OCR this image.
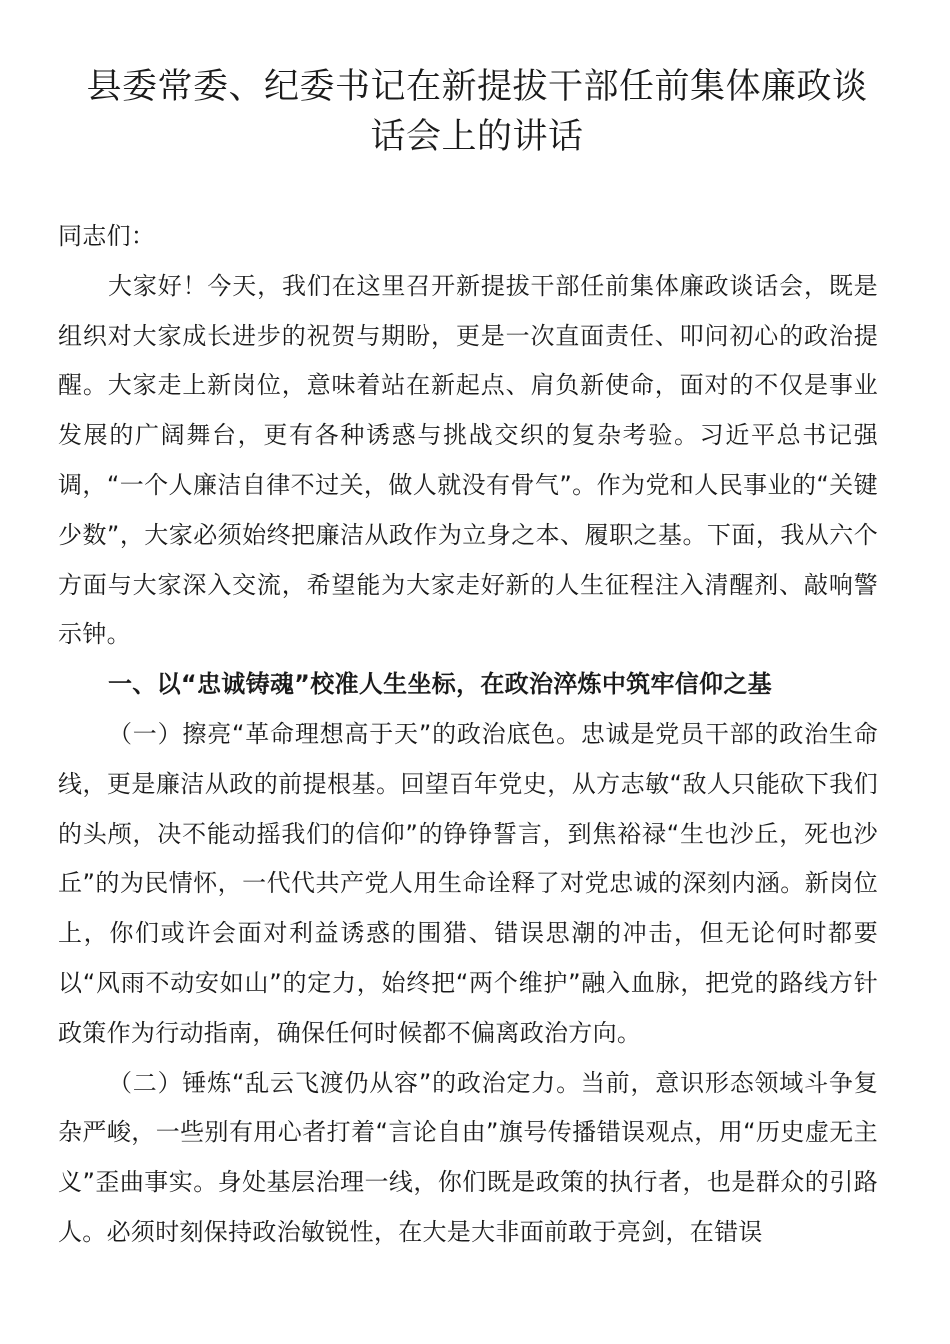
县委常委、纪委书记在新提拔干部任前集体廉政谈话会上的讲话

同志们：

大家好！今天，我们在这里召开新提拔干部任前集体廉政谈话会，既是组织对大家成长进步的祝贺与期盼，更是一次直面责任、叩问初心的政治提醒。大家走上新岗位，意味着站在新起点、肩负新使命，面对的不仅是事业发展的广阔舞台，更有各种诱惑与挑战交织的复杂考验。习近平总书记强调，“一个人廉洁自律不过关，做人就没有骨气”。作为党和人民事业的“关键少数”，大家必须始终把廉洁从政作为立身之本、履职之基。下面，我从六个方面与大家深入交流，希望能为大家走好新的人生征程注入清醒剂、敲响警示钟。

一、以“忠诚铸魂”校准人生坐标，在政治淬炼中筑牢信仰之基

（一）擦亮“革命理想高于天”的政治底色。忠诚是党员干部的政治生命线，更是廉洁从政的前提根基。回望百年党史，从方志敏“敌人只能砍下我们的头颅，决不能动摇我们的信仰”的铮铮誓言，到焦裕禄“生也沙丘，死也沙丘”的为民情怀，一代代共产党人用生命诠释了对党忠诚的深刻内涵。新岗位上，你们或许会面对利益诱惑的围猎、错误思潮的冲击，但无论何时都要以“风雨不动安如山”的定力，始终把“两个维护”融入血脉，把党的路线方针政策作为行动指南，确保任何时候都不偏离政治方向。

（二）锤炼“乱云飞渡仍从容”的政治定力。当前，意识形态领域斗争复杂严峻，一些别有用心者打着“言论自由”旗号传播错误观点，用“历史虚无主义”歪曲事实。身处基层治理一线，你们既是政策的执行者，也是群众的引路人。必须时刻保持政治敏锐性，在大是大非面前敢于亮剑，在错误
